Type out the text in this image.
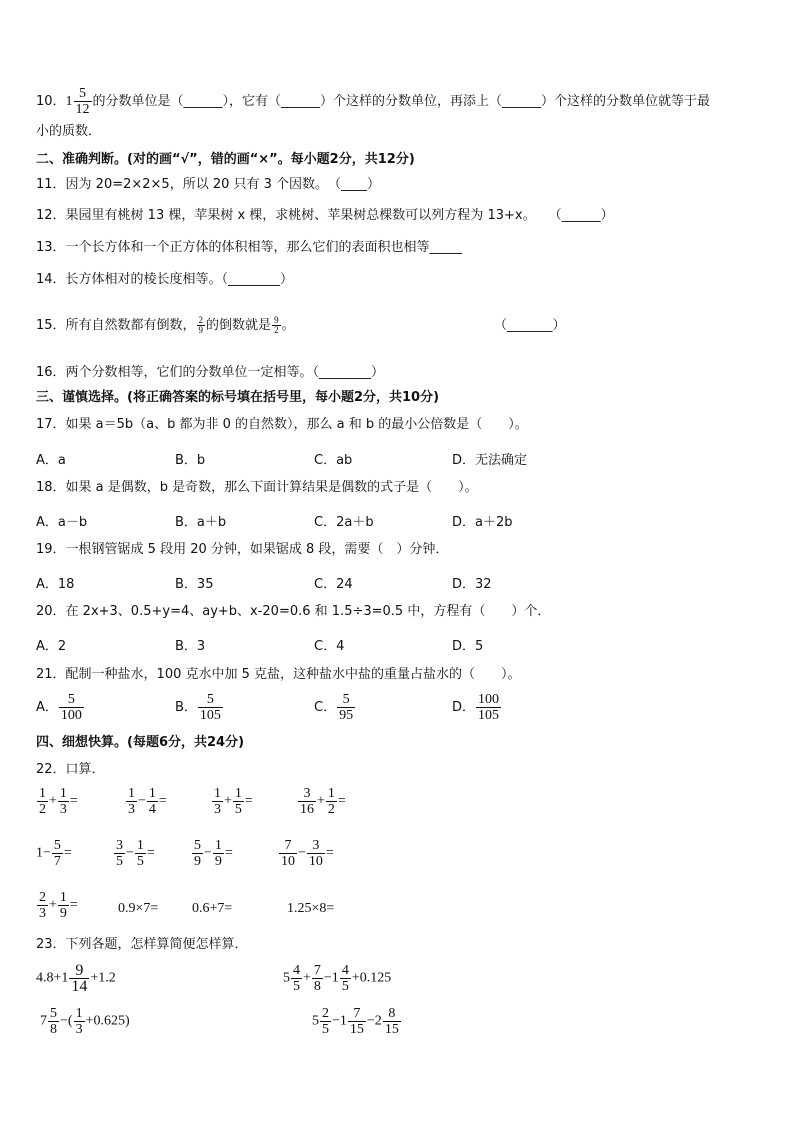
10．$1 \frac{5}{12}$ 的分数单位是（______），它有（______）个这样的分数单位，再添上（______）个这样的分数单位就等于最
小的质数．
二、准确判断。(对的画“√”，错的画“×”。每小题2分，共12分)
11．因为 20=2×2×5，所以 20 只有 3 个因数。　（____）
12．果园里有桃树 13 棵，苹果树 x 棵，求桃树、苹果树总棵数可以列方程为 13+x。　　（______）
13．一个长方体和一个正方体的体积相等，那么它们的表面积也相等_____
14．长方体相对的棱长度相等。（________）
15．所有自然数都有倒数， $\frac{2}{9}$ 的倒数就是 $\frac{9}{2}$ 。	（_______）
16．两个分数相等，它们的分数单位一定相等。（________）
三、谨慎选择。(将正确答案的标号填在括号里，每小题2分，共10分)
17．如果 a＝5b（a、b 都为非 0 的自然数），那么 a 和 b 的最小公倍数是（　　）。
A．a	B．b	C．ab	D．无法确定
18．如果 a 是偶数，b 是奇数，那么下面计算结果是偶数的式子是（　　）。
A．a－b	B．a＋b	C．2a＋b	D．a＋2b
19．一根钢管锯成 5 段用 20 分钟，如果锯成 8 段，需要（　）分钟．
A．18	B．35	C．24	D．32
20．在 2x+3、0.5+y=4、ay+b、x-20=0.6 和 1.5÷3=0.5 中，方程有（　　）个．
A．2	B．3	C．4	D．5
21．配制一种盐水，100 克水中加 5 克盐，这种盐水中盐的重量占盐水的（　　）。
A． $\frac{5}{100}$	B． $\frac{5}{105}$	C． $\frac{5}{95}$	D． $\frac{100}{105}$
四、细想快算。(每题6分，共24分)
22．口算．
$\frac{1}{2} + \frac{1}{3}$ =	$\frac{1}{3} - \frac{1}{4}$ =	$\frac{1}{3} + \frac{1}{5}$ =	$\frac{3}{16} + \frac{1}{2}$ =
$1- \frac{5}{7}$ =	$\frac{3}{5} - \frac{1}{5}$ =	$\frac{5}{9} - \frac{1}{9}$ =	$\frac{7}{10} - \frac{3}{10}$ =
$\frac{2}{3} + \frac{1}{9}$ =	0.9×7= 0.6+7=	1.25×8=
23．下列各题，怎样算简便怎样算．
$4.8+1 \frac{9}{14} +1.2$	$5 \frac{4}{5} + \frac{7}{8} -1 \frac{4}{5} +0.125$
$7 \frac{5}{8}$ −( $\frac{1}{3} +0.625$)	$5 \frac{2}{5} -1 \frac{7}{15} -2 \frac{8}{15}$
